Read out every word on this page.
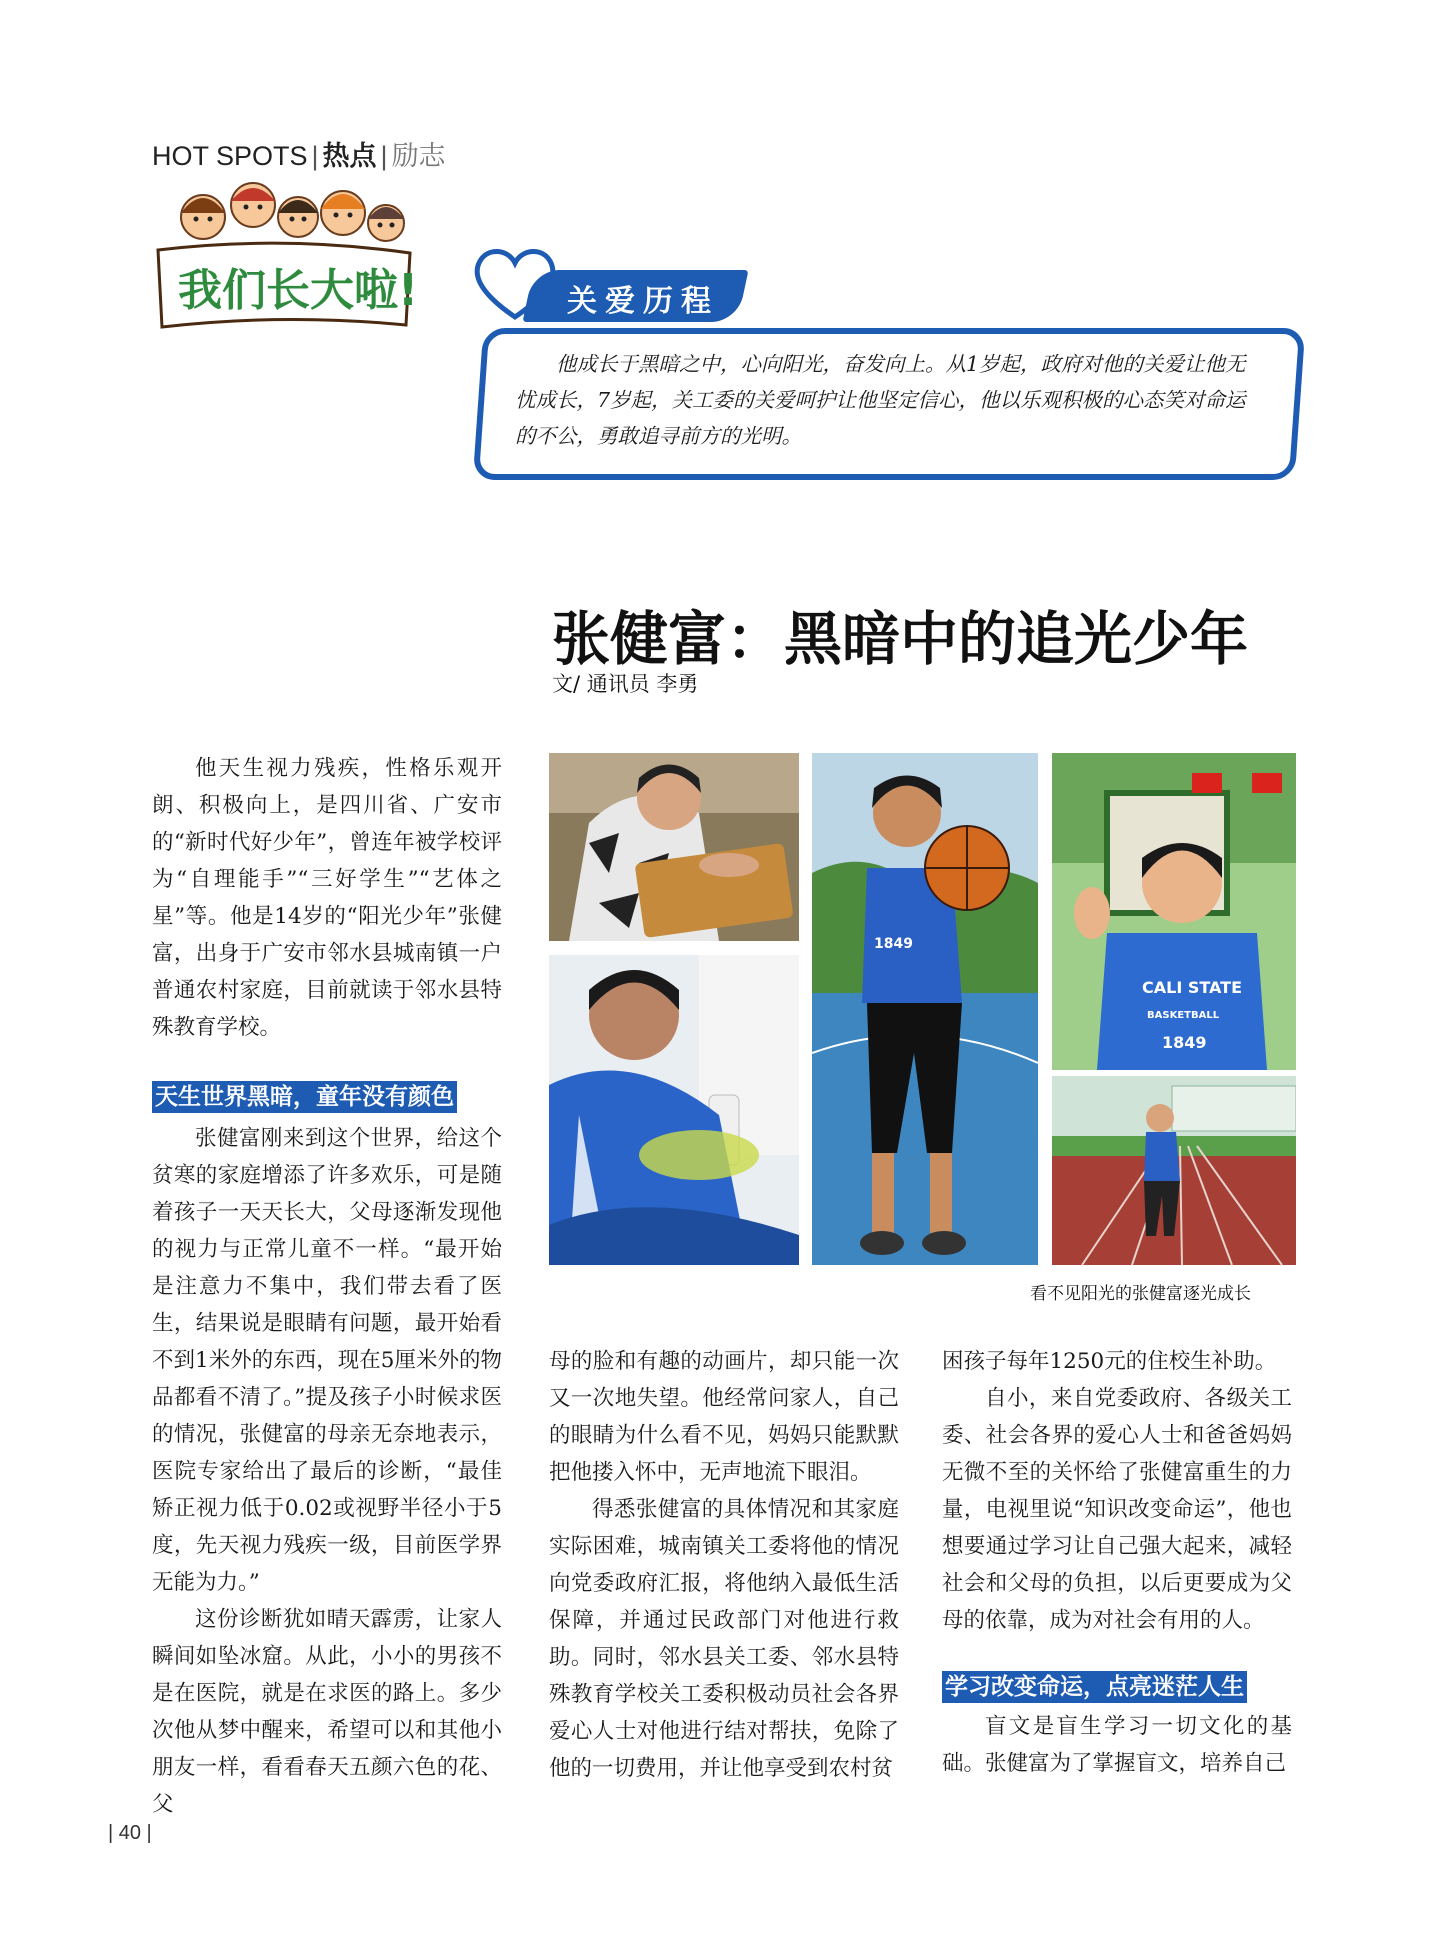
HOT SPOTS | 热点 | 励志
我们长大啦!	关爱历程
他成长于黑暗之中，心向阳光，奋发向上。从1岁起，政府对他的关爱让他无忧成长，7岁起，关工委的关爱呵护让他坚定信心，他以乐观积极的心态笑对命运的不公，勇敢追寻前方的光明。
张健富：黑暗中的追光少年
文/ 通讯员 李勇

他天生视力残疾，性格乐观开朗、积极向上，是四川省、广安市的“新时代好少年”，曾连年被学校评为“自理能手”“三好学生”“艺体之星”等。他是14岁的“阳光少年”张健富，出身于广安市邻水县城南镇一户普通农村家庭，目前就读于邻水县特殊教育学校。

天生世界黑暗，童年没有颜色

张健富刚来到这个世界，给这个贫寒的家庭增添了许多欢乐，可是随着孩子一天天长大，父母逐渐发现他的视力与正常儿童不一样。“最开始是注意力不集中，我们带去看了医生，结果说是眼睛有问题，最开始看不到1米外的东西，现在5厘米外的物品都看不清了。”提及孩子小时候求医的情况，张健富的母亲无奈地表示，医院专家给出了最后的诊断，“最佳矫正视力低于0.02或视野半径小于5度，先天视力残疾一级，目前医学界无能为力。”

这份诊断犹如晴天霹雳，让家人瞬间如坠冰窟。从此，小小的男孩不是在医院，就是在求医的路上。多少次他从梦中醒来，希望可以和其他小朋友一样，看看春天五颜六色的花、父

母的脸和有趣的动画片，却只能一次又一次地失望。他经常问家人，自己的眼睛为什么看不见，妈妈只能默默把他搂入怀中，无声地流下眼泪。

得悉张健富的具体情况和其家庭实际困难，城南镇关工委将他的情况向党委政府汇报，将他纳入最低生活保障，并通过民政部门对他进行救助。同时，邻水县关工委、邻水县特殊教育学校关工委积极动员社会各界爱心人士对他进行结对帮扶，免除了他的一切费用，并让他享受到农村贫

困孩子每年1250元的住校生补助。

自小，来自党委政府、各级关工委、社会各界的爱心人士和爸爸妈妈无微不至的关怀给了张健富重生的力量，电视里说“知识改变命运”，他也想要通过学习让自己强大起来，减轻社会和父母的负担，以后更要成为父母的依靠，成为对社会有用的人。

学习改变命运，点亮迷茫人生

盲文是盲生学习一切文化的基础。张健富为了掌握盲文，培养自己

1849
CALI STATE
BASKETBALL
1849
看不见阳光的张健富逐光成长
| 40 |
